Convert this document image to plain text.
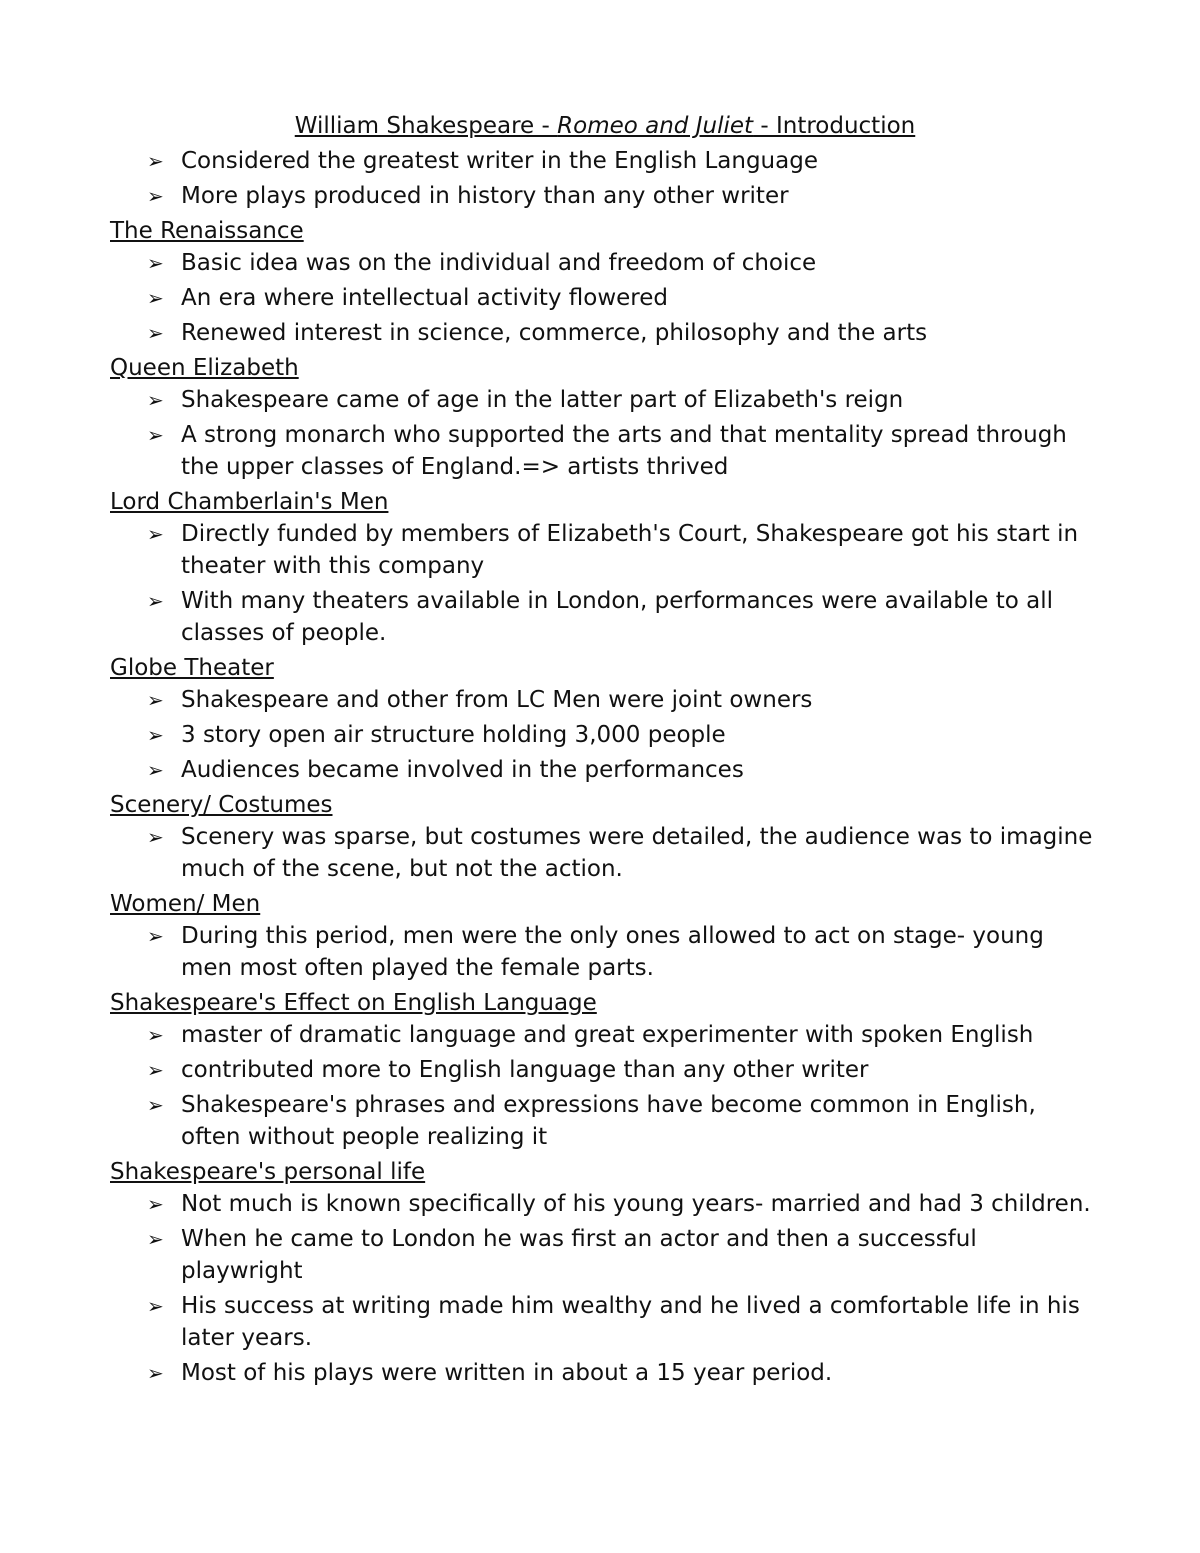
William Shakespeare - Romeo and Juliet - Introduction
➢ Considered the greatest writer in the English Language
➢ More plays produced in history than any other writer
The Renaissance
➢ Basic idea was on the individual and freedom of choice
➢ An era where intellectual activity flowered
➢ Renewed interest in science, commerce, philosophy and the arts
Queen Elizabeth
➢ Shakespeare came of age in the latter part of Elizabeth's reign
➢ A strong monarch who supported the arts and that mentality spread through the upper classes of England.=> artists thrived
Lord Chamberlain's Men
➢ Directly funded by members of Elizabeth's Court, Shakespeare got his start in theater with this company
➢ With many theaters available in London, performances were available to all classes of people.
Globe Theater
➢ Shakespeare and other from LC Men were joint owners
➢ 3 story open air structure holding 3,000 people
➢ Audiences became involved in the performances
Scenery/ Costumes
➢ Scenery was sparse, but costumes were detailed, the audience was to imagine much of the scene, but not the action.
Women/ Men
➢ During this period, men were the only ones allowed to act on stage- young men most often played the female parts.
Shakespeare's Effect on English Language
➢ master of dramatic language and great experimenter with spoken English
➢ contributed more to English language than any other writer
➢ Shakespeare's phrases and expressions have become common in English, often without people realizing it
Shakespeare's personal life
➢ Not much is known specifically of his young years- married and had 3 children.
➢ When he came to London he was first an actor and then a successful playwright
➢ His success at writing made him wealthy and he lived a comfortable life in his later years.
➢ Most of his plays were written in about a 15 year period.
